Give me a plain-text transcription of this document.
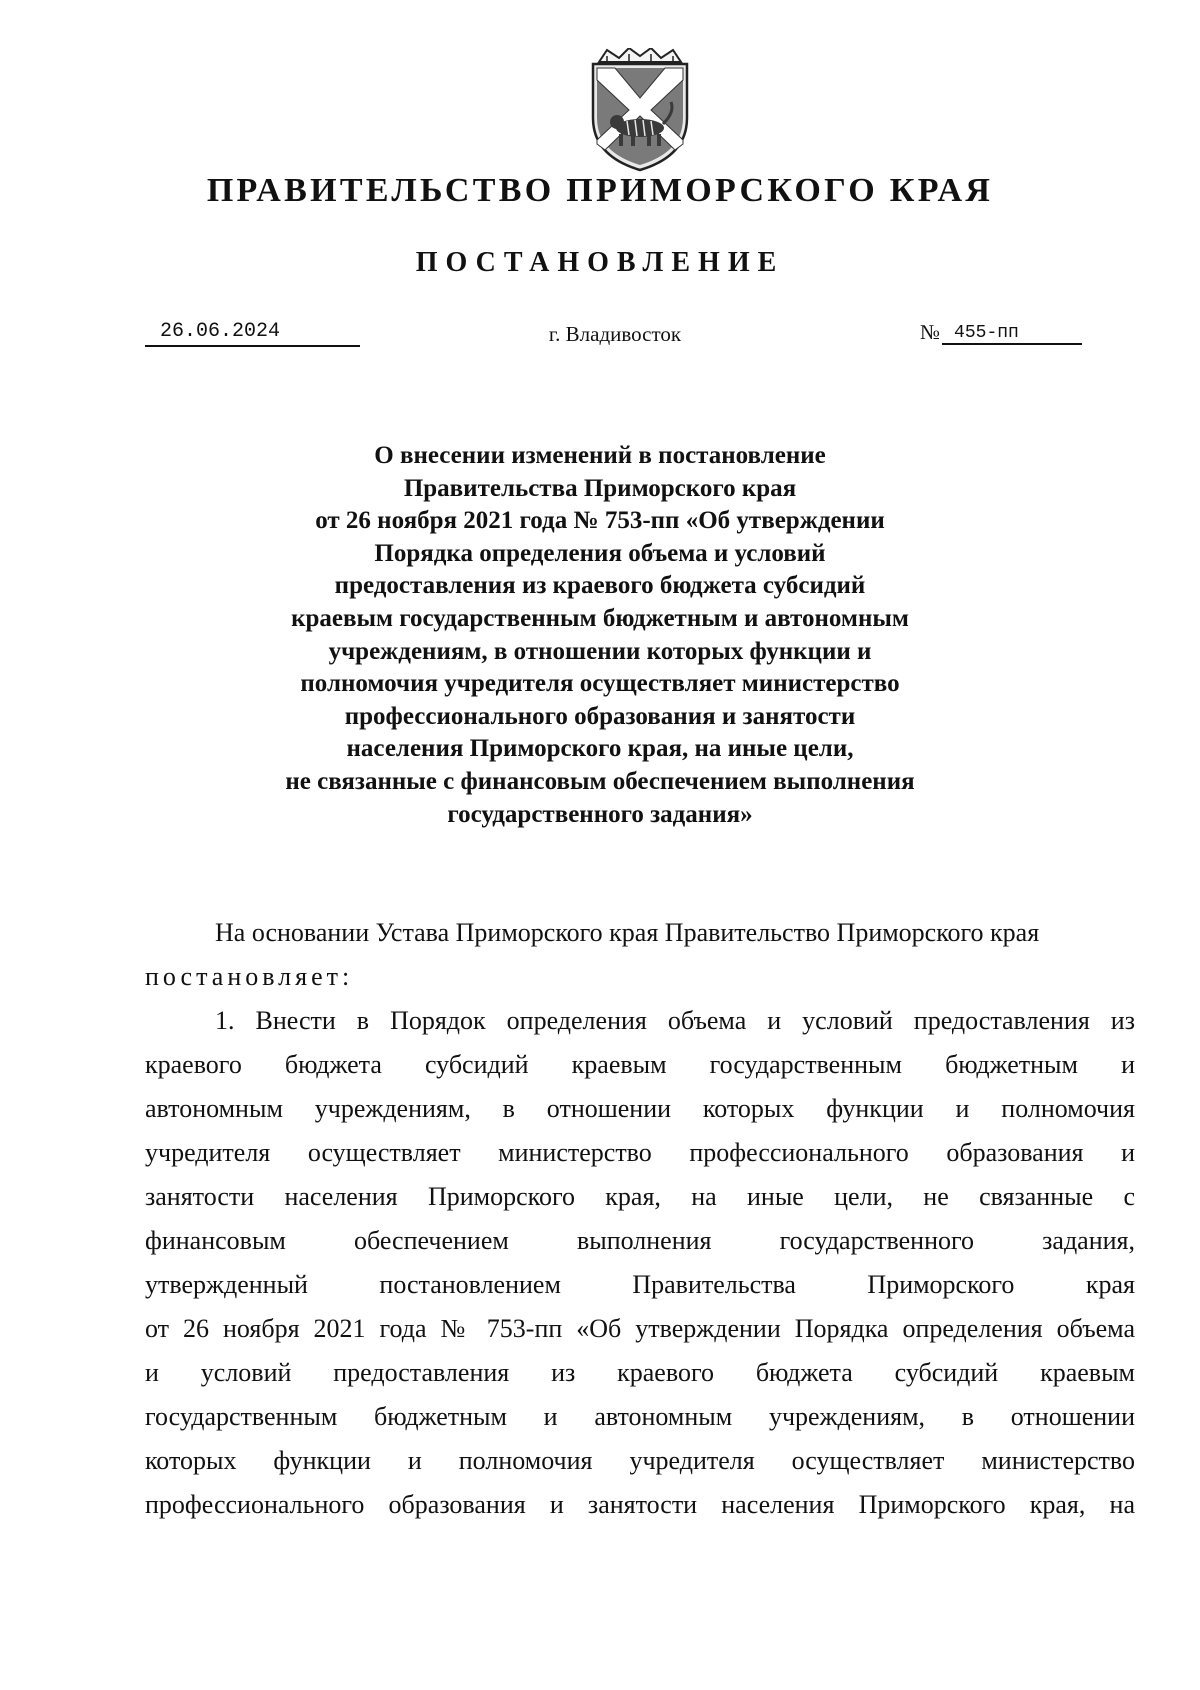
ПРАВИТЕЛЬСТВО ПРИМОРСКОГО КРАЯ
ПОСТАНОВЛЕНИЕ
26.06.2024	г. Владивосток	№ 455-пп
О внесении изменений в постановление
Правительства Приморского края
от 26 ноября 2021 года № 753-пп «Об утверждении
Порядка определения объема и условий
предоставления из краевого бюджета субсидий
краевым государственным бюджетным и автономным
учреждениям, в отношении которых функции и
полномочия учредителя осуществляет министерство
профессионального образования и занятости
населения Приморского края, на иные цели,
не связанные с финансовым обеспечением выполнения
государственного задания»
На основании Устава Приморского края Правительство Приморского края
постановляет:
1. Внести в Порядок определения объема и условий предоставления из
краевого бюджета субсидий краевым государственным бюджетным и
автономным учреждениям, в отношении которых функции и полномочия
учредителя осуществляет министерство профессионального образования и
занятости населения Приморского края, на иные цели, не связанные с
финансовым обеспечением выполнения государственного задания,
утвержденный постановлением Правительства Приморского края
от 26 ноября 2021 года № 753-пп «Об утверждении Порядка определения объема
и условий предоставления из краевого бюджета субсидий краевым
государственным бюджетным и автономным учреждениям, в отношении
которых функции и полномочия учредителя осуществляет министерство
профессионального образования и занятости населения Приморского края, на
